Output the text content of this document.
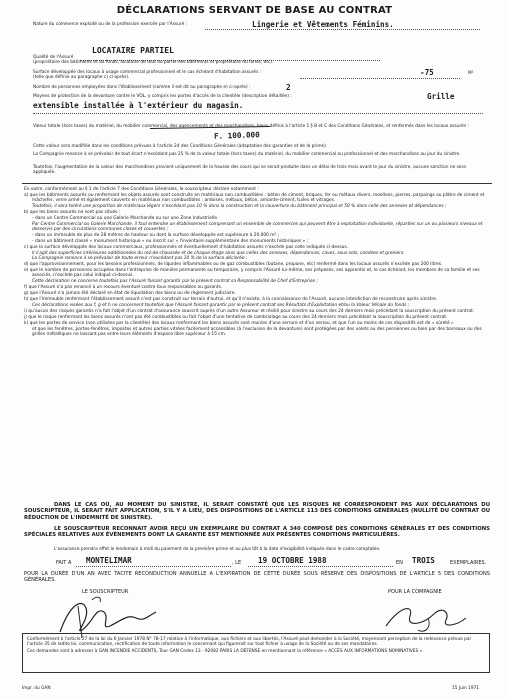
DÉCLARATIONS SERVANT DE BASE AU CONTRAT
Nature du commerce exploité ou de la profession exercée par l'Assuré :	Lingerie et Vêtements Féminins.
LOCATAIRE PARTIEL
Qualité de l'Assuré
(propriétaire des bâtiments et du fonds, locataire de tout ou partie des bâtiments et propriétaire du fonds, etc).
Surface développée des locaux à usage commercial professionnel et le cas échéant d'habitation assurés :
(telle que définie au paragraphe c) ci-après).
-75	M²
Nombre de personnes employées dans l'établissement (comme il est dit au paragraphe e) ci-après) :	2
Moyens de protection de la devanture contre le VOL, y compris les portes d'accès de la clientèle (description détaillée) :	Grille
extensible installée à l'extérieur du magasin.
Valeur totale (hors taxes) du matériel, du mobilier commercial, des agencements et des marchandises, biens définis à l'article 1 § B et C des Conditions Générales, et renfermés dans les locaux assurés :
F. 100.000
Cette valeur sera modifiée dans les conditions prévues à l'article 24 des Conditions Générales (adaptation des garanties et de la prime).
La Compagnie renonce à se prévaloir de tout écart n'excédant pas 25 % de la valeur totale (hors taxes) du matériel, du mobilier commercial ou professionnel et des marchandises au jour du sinistre.
Toutefois, l'augmentation de la valeur des marchandises provient uniquement de la hausse des cours qui se serait produite dans un délai de trois mois avant le jour du sinistre, aucune sanction ne sera appliquée.

En outre, conformément au § 1 de l'article 7 des Conditions Générales, le souscripteur déclare notamment :

a) que les bâtiments assurés ou renfermant les objets assurés sont construits en matériaux non combustibles : béton de ciment, briques, fer ou métaux divers, moellons, pierres, parpaings ou plâtre de ciment et mâchefer, verre armé et également couverts en matériaux non combustibles : ardoises, métaux, béton, amiante-ciment, tuiles et vitrages.

Toutefois, il sera toléré une proportion de matériaux légers n'excédant pas 10 % dans la construction et la couverture du bâtiment principal et 50 % dans celle des annexes et dépendances ;

b) que les biens assurés ne sont pas situés :

- dans un Centre Commercial ou une Galerie Marchande ou sur une Zone Industrielle.

Par Centre Commercial ou Galerie Marchande, il faut entendre un établissement comprenant un ensemble de commerces qui peuvent être à exploitation individuelle, réparties sur un ou plusieurs niveaux et desservis par des circulations communes closes et couvertes ;

- dans un immeuble de plus de 28 mètres de hauteur ou dont la surface développée est supérieure à 20.000 m² ;

- dans un bâtiment classé « monument historique » ou inscrit sur « l'inventaire supplémentaire des monuments historiques » ;

c) que la surface développée des locaux commerciaux, professionnels et éventuellement d'habitation assurés n'excède pas celle indiquée ci-dessus.

Il s'agit des superficies intérieures additionnées du rez-de-chaussée et de chaque étage ainsi que celles des annexes, dépendances, caves, sous-sols, combles et greniers.

La Compagnie renonce à se prévaloir de toute erreur n'excédant pas 10 % de la surface déclarée ;

d) que l'approvisionnement, pour les besoins professionnels, de liquides inflammables ou de gaz combustibles (butane, propane, etc) renfermé dans les locaux assurés n'excède pas 200 litres.

e) que le nombre de personnes occupées dans l'entreprise de manière permanente ou temporaire, y compris l'Assuré lui-même, ses préposés, ses apprentis et, le cas échéant, les membres de sa famille et ses associés, n'excède pas celui indiqué ci-dessus.

Cette déclaration ne concerne toutefois pas l'Assuré faisant garantir par le présent contrat sa Responsabilité de Chef d'Entreprise ;

f) que l'Assuré n'a pas renoncé à un recours éventuel contre tous responsables ou garants.

g) que l'Assuré n'a jamais été déclaré en état de liquidation des biens ou de règlement judiciaire.

h) que l'immeuble renfermant l'établissement assuré n'est pas construit sur terrain d'autrui, et qu'il n'existe, à la connaissance de l'Assuré, aucune interdiction de reconstruire après sinistre.

Ces déclarations visées aux f, g et h ne concernent toutefois que l'Assuré faisant garantir par le présent contrat ses Résultats d'Exploitation et/ou la Valeur Vénale du fonds ;

i) qu'aucun des risques garantis n'a fait l'objet d'un contrat d'assurance souscrit auprès d'un autre Assureur et résilié pour sinistre au cours des 24 derniers mois précédant la souscription du présent contrat.

j) que le risque renfermant les biens assurés n'ont pas été combustibles ou fait l'objet d'une tentative de cambriolage au cours des 24 derniers mois précédant la souscription du présent contrat.

k) que les portes de service (non utilisées par la clientèle) des locaux renfermant les biens assurés sont munies d'une serrure et d'un verrou, et que l'un au moins de ces dispositifs est de « sûreté »

et que les fenêtres, portes-fenêtres, impostes et autres parties vitrées facilement accessibles (à l'exclusion de la devanture) sont protégées par des volets ou des persiennes ou bien par des barreaux ou des grilles métalliques ne laissant pas entre leurs éléments d'espace libre supérieur à 15 cm.

DANS LE CAS OÙ, AU MOMENT DU SINISTRE, IL SERAIT CONSTATÉ QUE LES RISQUES NE CORRESPONDENT PAS AUX DÉCLARATIONS DU SOUSCRIPTEUR, IL SERAIT FAIT APPLICATION, S'IL Y A LIEU, DES DISPOSITIONS DE L'ARTICLE 113 DES CONDITIONS GÉNÉRALES (NULLITÉ DU CONTRAT OU RÉDUCTION DE L'INDEMNITÉ DE SINISTRE).
LE SOUSCRIPTEUR RECONNAIT AVOIR REÇU UN EXEMPLAIRE DU CONTRAT A 340 COMPOSÉ DES CONDITIONS GÉNÉRALES ET DES CONDITIONS SPÉCIALES RELATIVES AUX ÉVÈNEMENTS DONT LA GARANTIE EST MENTIONNÉE AUX PRÉSENTES CONDITIONS PARTICULIÈRES.
L'assurance prendra effet le lendemain à midi du paiement de la première prime et au plus tôt à la date d'exigibilité indiquée dans le cadre comptable.
FAIT A MONTELIMAR	, LE 19 OCTOBRE 1988	EN TROIS	EXEMPLAIRES.
POUR LA DURÉE D'UN AN AVEC TACITE RECONDUCTION ANNUELLE A L'EXPIRATION DE CETTE DURÉE SOUS RÉSERVE DES DISPOSITIONS DE L'ARTICLE 5 DES CONDITIONS GÉNÉRALES.
LE SOUSCRIPTEUR	POUR LA COMPAGNIE
Conformément à l'article 27 de la loi du 6 Janvier 1978 N° 78-17 relative à l'informatique, aux fichiers et aux libertés, l'Assuré peut demander à la Société, moyennant perception de la redevance prévue par l'article 35 de ladite loi, communication, rectification de toute information le concernant qui figurerait sur tout fichier à usage de la Société ou de ses mandataires.
Ces demandes sont à adresser à GAN INCENDIE ACCIDENTS, Tour GAN Cedex 13 - 92082 PARIS LA DÉFENSE en mentionnant la référence « ACCÈS AUX INFORMATIONS NOMINATIVES ».
Impr. du GAN	15 Juin 1971
